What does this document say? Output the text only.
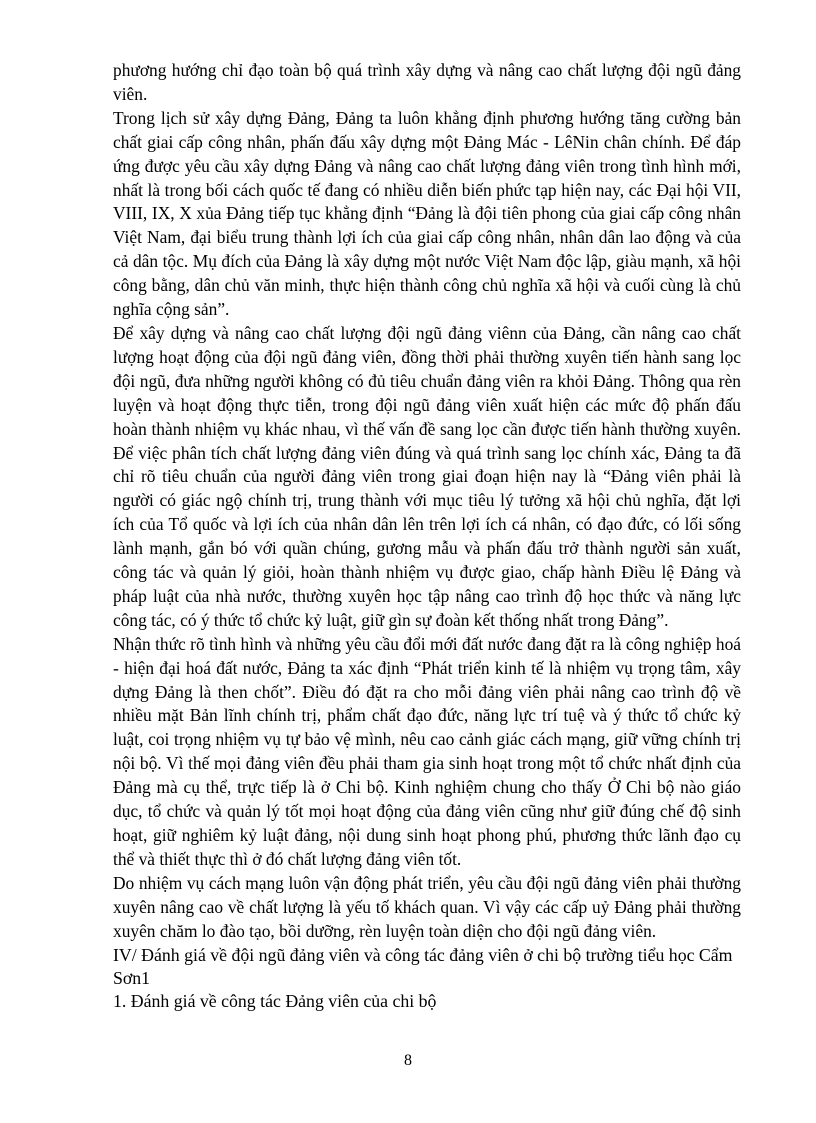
phương hướng chỉ đạo toàn bộ quá trình xây dựng và nâng cao chất lượng đội ngũ đảng viên.

Trong lịch sử xây dựng Đảng, Đảng ta luôn khẳng định phương hướng tăng cường bản chất giai cấp công nhân, phấn đấu xây dựng một Đảng Mác - LêNin chân chính. Để đáp ứng được yêu cầu xây dựng Đảng và nâng cao chất lượng đảng viên trong tình hình mới, nhất là trong bối cách quốc tế đang có nhiều diễn biến phức tạp hiện nay, các Đại hội VII, VIII, IX, X xủa Đảng tiếp tục khẳng định “Đảng là đội tiên phong của giai cấp công nhân Việt Nam, đại biểu trung thành lợi ích của giai cấp công nhân, nhân dân lao động và của cả dân tộc. Mụ đích của Đảng là xây dựng một nước Việt Nam độc lập, giàu mạnh, xã hội công bằng, dân chủ văn minh, thực hiện thành công chủ nghĩa xã hội và cuối cùng là chủ nghĩa cộng sản”.

Để xây dựng và nâng cao chất lượng đội ngũ đảng viênn của Đảng, cần nâng cao chất lượng hoạt động của đội ngũ đảng viên, đồng thời phải thường xuyên tiến hành sang lọc đội ngũ, đưa những người không có đủ tiêu chuẩn đảng viên ra khỏi Đảng. Thông qua rèn luyện và hoạt động thực tiễn, trong đội ngũ đảng viên xuất hiện các mức độ phấn đấu hoàn thành nhiệm vụ khác nhau, vì thế vấn đề sang lọc cần được tiến hành thường xuyên. Để việc phân tích chất lượng đảng viên đúng và quá trình sang lọc chính xác, Đảng ta đã chỉ rõ tiêu chuẩn của người đảng viên trong giai đoạn hiện nay là “Đảng viên phải là người có giác ngộ chính trị, trung thành với mục tiêu lý tưởng xã hội chủ nghĩa, đặt lợi ích của Tổ quốc và lợi ích của nhân dân lên trên lợi ích cá nhân, có đạo đức, có lối sống lành mạnh, gắn bó với quần chúng, gương mẫu và phấn đấu trở thành người sản xuất, công tác và quản lý giỏi, hoàn thành nhiệm vụ được giao, chấp hành Điều lệ Đảng và pháp luật của nhà nước, thường xuyên học tập nâng cao trình độ học thức và năng lực công tác, có ý thức tổ chức kỷ luật, giữ gìn sự đoàn kết thống nhất trong Đảng”.

Nhận thức rõ tình hình và những yêu cầu đổi mới đất nước đang đặt ra là công nghiệp hoá - hiện đại hoá đất nước, Đảng ta xác định “Phát triển kinh tế là nhiệm vụ trọng tâm, xây dựng Đảng là then chốt”. Điều đó đặt ra cho mỗi đảng viên phải nâng cao trình độ về nhiều mặt Bản lĩnh chính trị, phẩm chất đạo đức, năng lực trí tuệ và ý thức tổ chức kỷ luật, coi trọng nhiệm vụ tự bảo vệ mình, nêu cao cảnh giác cách mạng, giữ vững chính trị nội bộ. Vì thế mọi đảng viên đều phải tham gia sinh hoạt trong một tổ chức nhất định của Đảng mà cụ thể, trực tiếp là ở Chi bộ. Kinh nghiệm chung cho thấy Ở Chi bộ nào giáo dục, tổ chức và quản lý tốt mọi hoạt động của đảng viên cũng như giữ đúng chế độ sinh hoạt, giữ nghiêm kỷ luật đảng, nội dung sinh hoạt phong phú, phương thức lãnh đạo cụ thể và thiết thực thì ở đó chất lượng đảng viên tốt.

Do nhiệm vụ cách mạng luôn vận động phát triển, yêu cầu đội ngũ đảng viên phải thường xuyên nâng cao về chất lượng là yếu tố khách quan. Vì vậy các cấp uỷ Đảng phải thường xuyên chăm lo đào tạo, bồi dưỡng, rèn luyện toàn diện cho đội ngũ đảng viên.

IV/ Đánh giá về đội ngũ đảng viên và công tác đảng viên ở chi bộ trường tiểu học Cẩm Sơn1

1. Đánh giá về công tác Đảng viên của chi bộ

8
